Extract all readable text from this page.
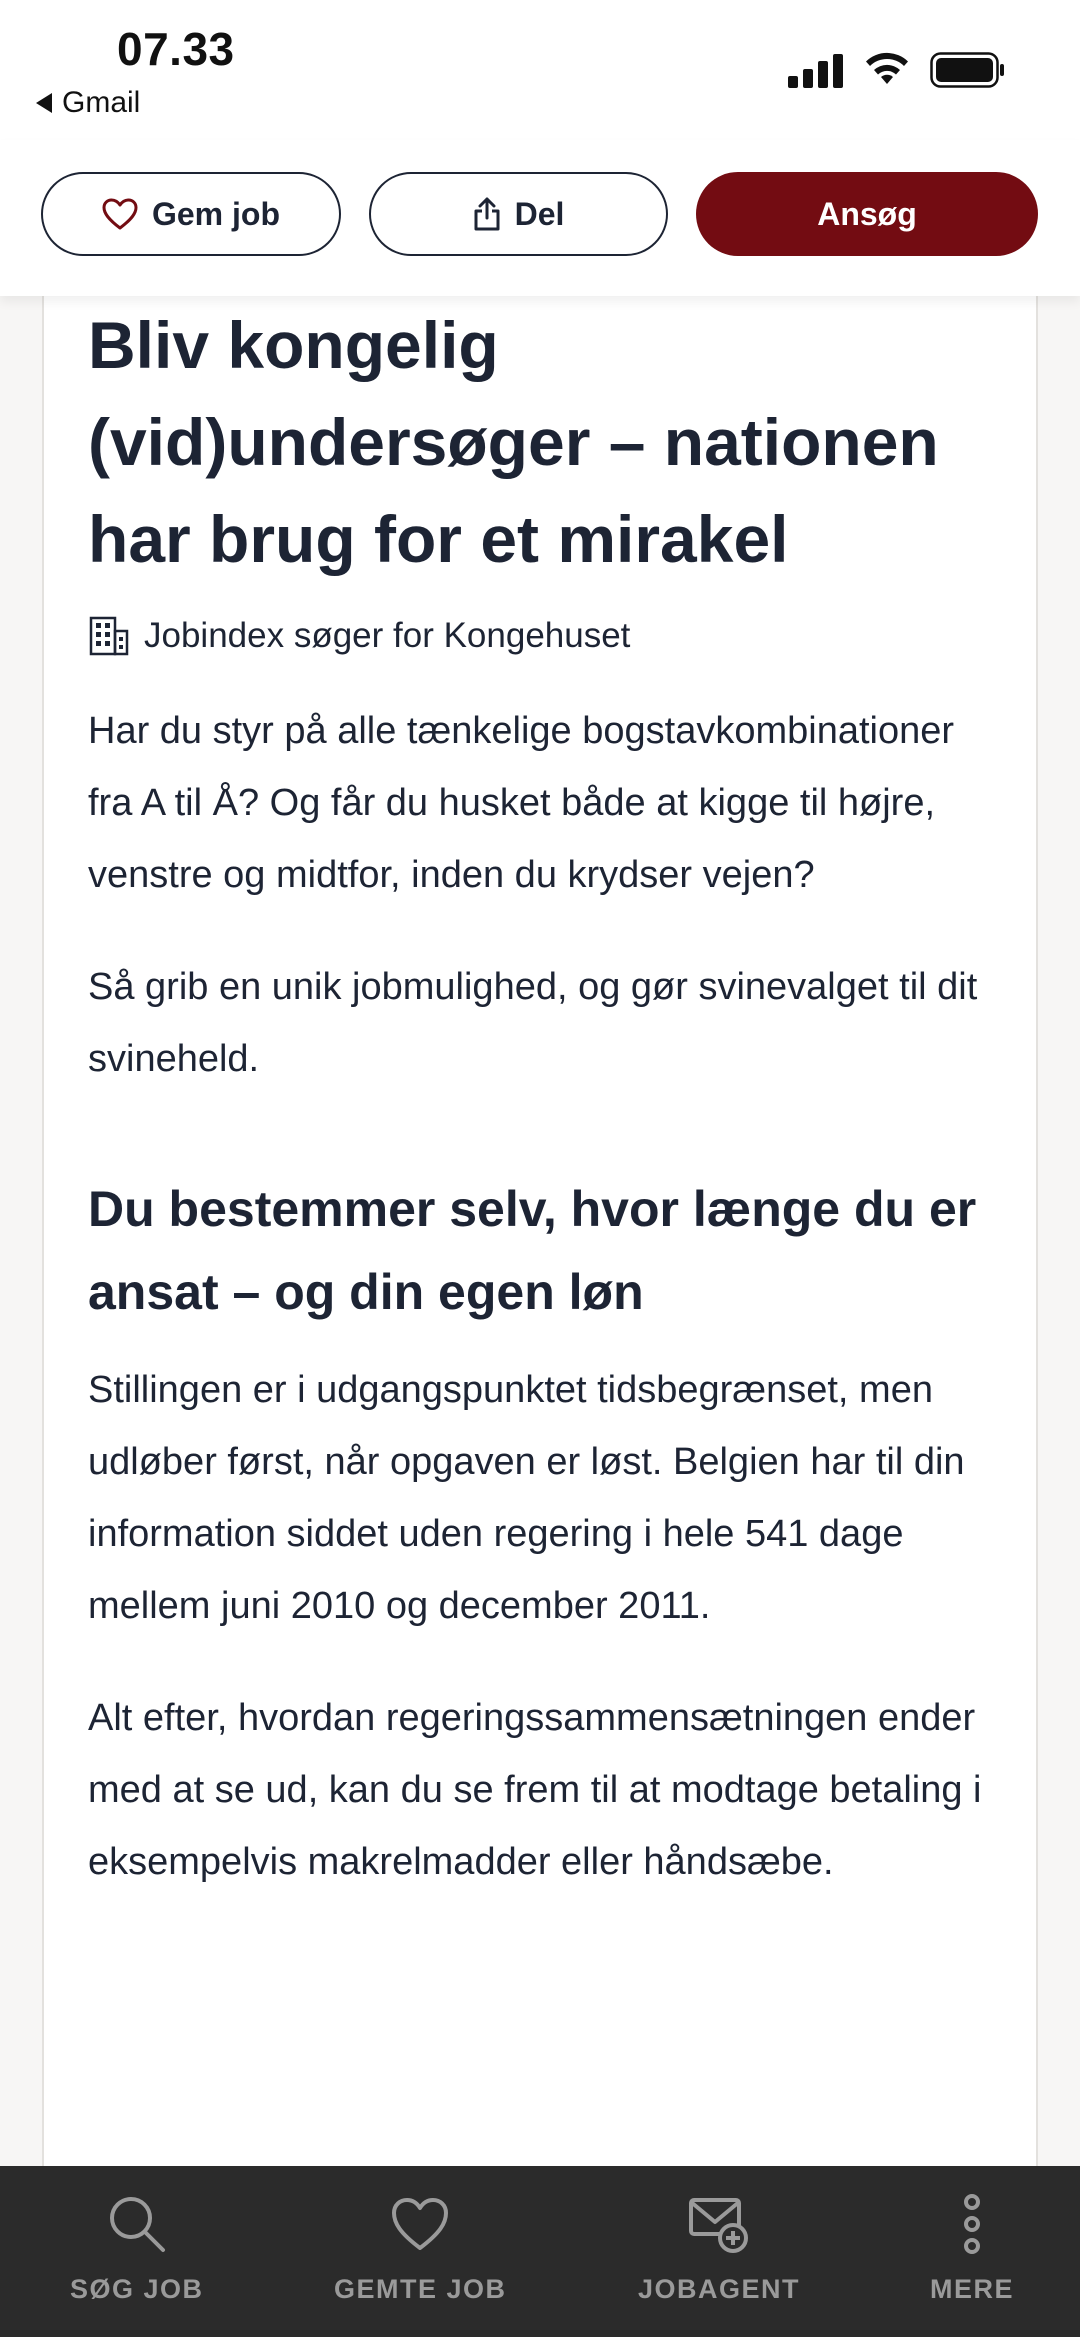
07.33
Gmail
Gem job	Del	Ansøg
Bliv kongelig (vid)undersøger – nationen har brug for et mirakel
Jobindex søger for Kongehuset

Har du styr på alle tænkelige bogstavkombinationer fra A til Å? Og får du husket både at kigge til højre, venstre og midtfor, inden du krydser vejen?

Så grib en unik jobmulighed, og gør svinevalget til dit svineheld.

Du bestemmer selv, hvor længe du er ansat – og din egen løn

Stillingen er i udgangspunktet tidsbegrænset, men udløber først, når opgaven er løst. Belgien har til din information siddet uden regering i hele 541 dage mellem juni 2010 og december 2011.

Alt efter, hvordan regeringssammensætningen ender med at se ud, kan du se frem til at modtage betaling i eksempelvis makrelmadder eller håndsæbe.

SØG JOB	GEMTE JOB	JOBAGENT	MERE
